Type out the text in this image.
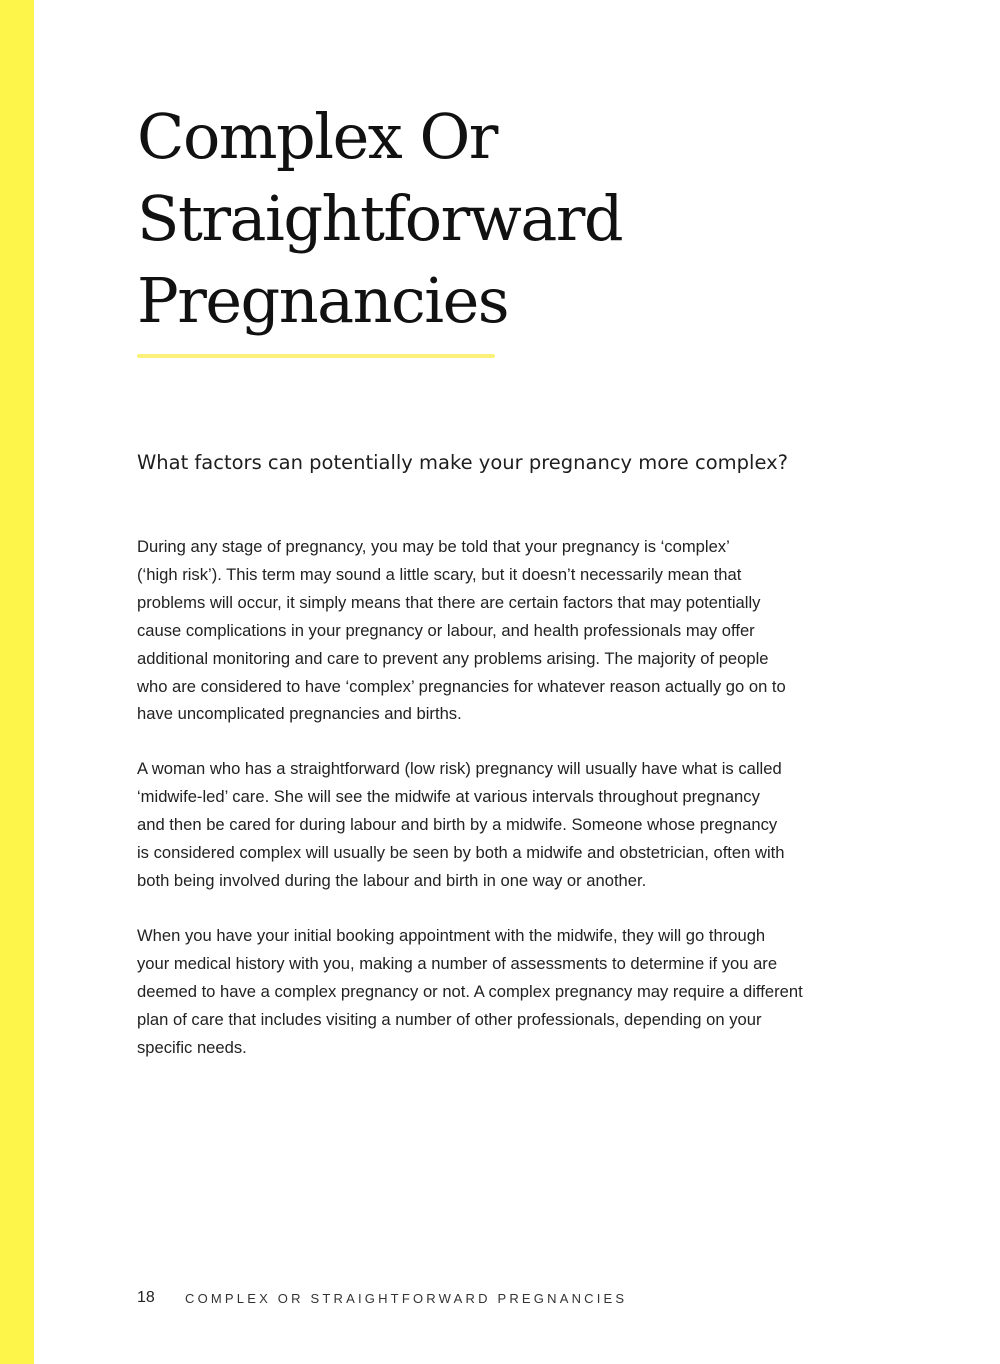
Complex Or
Straightforward
Pregnancies
What factors can potentially make your pregnancy more complex?

During any stage of pregnancy, you may be told that your pregnancy is ‘complex’
(‘high risk’). This term may sound a little scary, but it doesn’t necessarily mean that
problems will occur, it simply means that there are certain factors that may potentially
cause complications in your pregnancy or labour, and health professionals may offer
additional monitoring and care to prevent any problems arising. The majority of people
who are considered to have ‘complex’ pregnancies for whatever reason actually go on to
have uncomplicated pregnancies and births.

A woman who has a straightforward (low risk) pregnancy will usually have what is called
‘midwife-led’ care. She will see the midwife at various intervals throughout pregnancy
and then be cared for during labour and birth by a midwife. Someone whose pregnancy
is considered complex will usually be seen by both a midwife and obstetrician, often with
both being involved during the labour and birth in one way or another.

When you have your initial booking appointment with the midwife, they will go through
your medical history with you, making a number of assessments to determine if you are
deemed to have a complex pregnancy or not. A complex pregnancy may require a different
plan of care that includes visiting a number of other professionals, depending on your
specific needs.

18	COMPLEX OR STRAIGHTFORWARD PREGNANCIES
